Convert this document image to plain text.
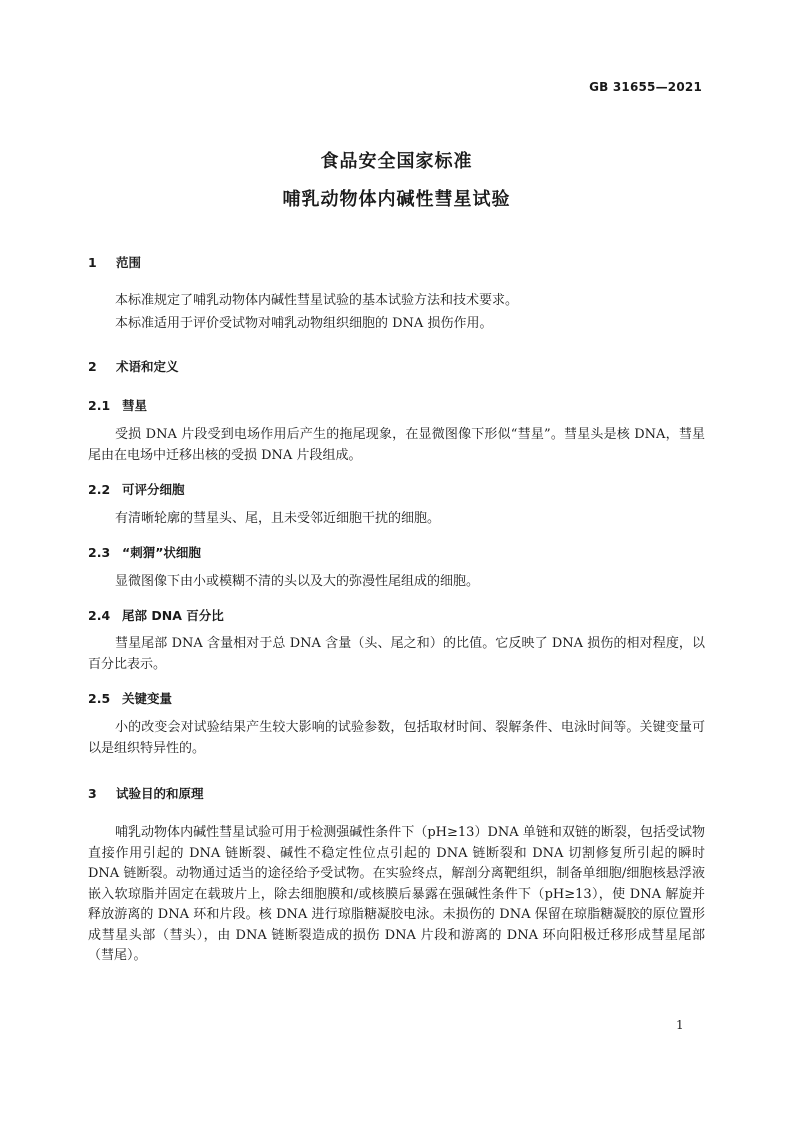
GB 31655—2021
食品安全国家标准
哺乳动物体内碱性彗星试验
1 范围
本标准规定了哺乳动物体内碱性彗星试验的基本试验方法和技术要求。
本标准适用于评价受试物对哺乳动物组织细胞的 DNA 损伤作用。
2 术语和定义
2.1 彗星
受损 DNA 片段受到电场作用后产生的拖尾现象，在显微图像下形似“彗星”。彗星头是核 DNA，彗星尾由在电场中迁移出核的受损 DNA 片段组成。
2.2 可评分细胞
有清晰轮廓的彗星头、尾，且未受邻近细胞干扰的细胞。
2.3 “刺猬”状细胞
显微图像下由小或模糊不清的头以及大的弥漫性尾组成的细胞。
2.4 尾部 DNA 百分比
彗星尾部 DNA 含量相对于总 DNA 含量（头、尾之和）的比值。它反映了 DNA 损伤的相对程度，以百分比表示。
2.5 关键变量
小的改变会对试验结果产生较大影响的试验参数，包括取材时间、裂解条件、电泳时间等。关键变量可以是组织特异性的。
3 试验目的和原理
哺乳动物体内碱性彗星试验可用于检测强碱性条件下（pH≥13）DNA 单链和双链的断裂，包括受试物直接作用引起的 DNA 链断裂、碱性不稳定性位点引起的 DNA 链断裂和 DNA 切割修复所引起的瞬时 DNA 链断裂。动物通过适当的途径给予受试物。在实验终点，解剖分离靶组织，制备单细胞/细胞核悬浮液嵌入软琼脂并固定在载玻片上，除去细胞膜和/或核膜后暴露在强碱性条件下（pH≥13），使 DNA 解旋并释放游离的 DNA 环和片段。核 DNA 进行琼脂糖凝胶电泳。未损伤的 DNA 保留在琼脂糖凝胶的原位置形成彗星头部（彗头），由 DNA 链断裂造成的损伤 DNA 片段和游离的 DNA 环向阳极迁移形成彗星尾部（彗尾）。
1
